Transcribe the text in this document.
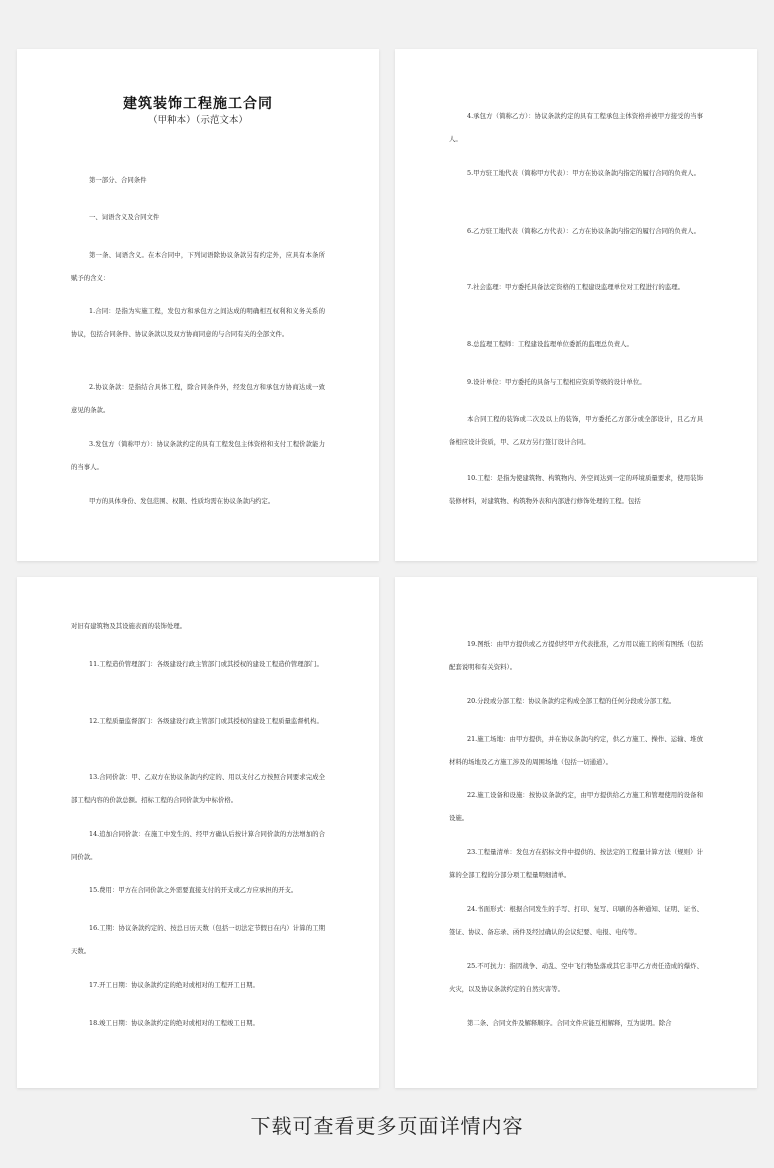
建筑装饰工程施工合同
（甲种本）（示范文本）

第一部分、合同条件

一、词语含义及合同文件

第一条、词语含义。在本合同中，下列词语除协议条款另有约定外，应具有本条所赋予的含义：

1.合同：是指为实施工程，发包方和承包方之间达成的明确相互权利和义务关系的协议，包括合同条件、协议条款以及双方协商同意的与合同有关的全部文件。

2.协议条款：是指结合具体工程，除合同条件外，经发包方和承包方协商达成一致意见的条款。

3.发包方（简称甲方）：协议条款约定的具有工程发包主体资格和支付工程价款能力的当事人。

甲方的具体身份、发包范围、权限、性质均需在协议条款内约定。

4.承包方（简称乙方）：协议条款约定的具有工程承包主体资格并被甲方接受的当事人。

5.甲方驻工地代表（简称甲方代表）：甲方在协议条款内指定的履行合同的负责人。

6.乙方驻工地代表（简称乙方代表）：乙方在协议条款内指定的履行合同的负责人。

7.社会监理：甲方委托具备法定资格的工程建设监理单位对工程进行的监理。

8.总监理工程师：工程建设监理单位委派的监理总负责人。

9.设计单位：甲方委托的具备与工程相应资质等级的设计单位。

本合同工程的装饰或二次及以上的装饰，甲方委托乙方部分或全部设计，且乙方具备相应设计资质，甲、乙双方另行签订设计合同。

10.工程：是指为使建筑物、构筑物内、外空间达到一定的环境质量要求，使用装饰装修材料，对建筑物、构筑物外表和内部进行修饰处理的工程。包括

对旧有建筑物及其设施表面的装饰处理。

11.工程造价管理部门：各级建设行政主管部门或其授权的建设工程造价管理部门。

12.工程质量监督部门：各级建设行政主管部门或其授权的建设工程质量监督机构。

13.合同价款：甲、乙双方在协议条款内约定的、用以支付乙方按照合同要求完成全部工程内容的价款总额。招标工程的合同价款为中标价格。

14.追加合同价款：在施工中发生的、经甲方确认后按计算合同价款的方法增加的合同价款。

15.费用：甲方在合同价款之外需要直接支付的开支或乙方应承担的开支。

16.工期：协议条款约定的、按总日历天数（包括一切法定节假日在内）计算的工期天数。

17.开工日期：协议条款约定的绝对或相对的工程开工日期。

18.竣工日期：协议条款约定的绝对或相对的工程竣工日期。

19.图纸：由甲方提供或乙方提供经甲方代表批准，乙方用以施工的所有图纸（包括配套说明和有关资料）。

20.分段或分部工程：协议条款约定构成全部工程的任何分段或分部工程。

21.施工场地：由甲方提供，并在协议条款内约定，供乙方施工、操作、运输、堆放材料的场地及乙方施工涉及的周围场地（包括一切通道）。

22.施工设备和设施：按协议条款约定，由甲方提供给乙方施工和管理使用的设备和设施。

23.工程量清单：发包方在招标文件中提供的、按法定的工程量计算方法（规则）计算的全部工程的分部分项工程量明细清单。

24.书面形式：根据合同发生的手写、打印、复写、印刷的各种通知、证明、证书、签证、协议、备忘录、函件及经过确认的会议纪要、电报、电传等。

25.不可抗力：指因战争、动乱、空中飞行物坠落或其它非甲乙方责任造成的爆炸、火灾，以及协议条款约定的自然灾害等。

第二条、合同文件及解释顺序。合同文件应能互相解释，互为说明。除合

下载可查看更多页面详情内容
